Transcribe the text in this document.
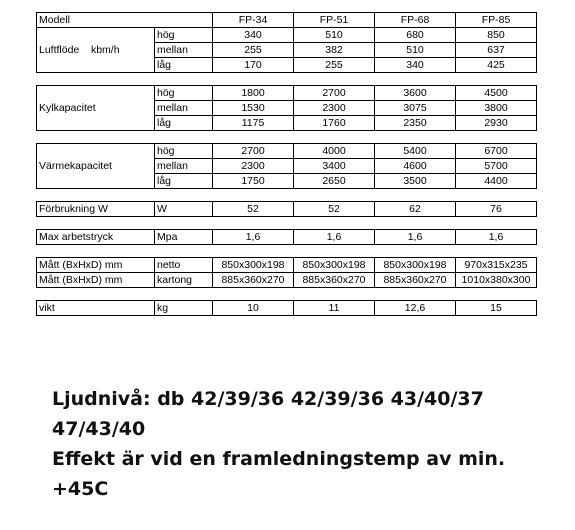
Modell		FP-34	FP-51	FP-68	FP-85
Luftflöde    kbm/h	hög	340	510	680	850
	mellan	255	382	510	637
	låg	170	255	340	425

Kylkapacitet	hög	1800	2700	3600	4500
	mellan	1530	2300	3075	3800
	låg	1175	1760	2350	2930

Värmekapacitet	hög	2700	4000	5400	6700
	mellan	2300	3400	4600	5700
	låg	1750	2650	3500	4400

Förbrukning W	W	52	52	62	76

Max arbetstryck	Mpa	1,6	1,6	1,6	1,6

Mått (BxHxD) mm	netto	850x300x198	850x300x198	850x300x198	970x315x235
Mått (BxHxD) mm	kartong	885x360x270	885x360x270	885x360x270	1010x380x300

vikt	kg	10	11	12,6	15
Ljudnivå: db 42/39/36 42/39/36 43/40/37
47/43/40
Effekt är vid en framledningstemp av min.
+45C
